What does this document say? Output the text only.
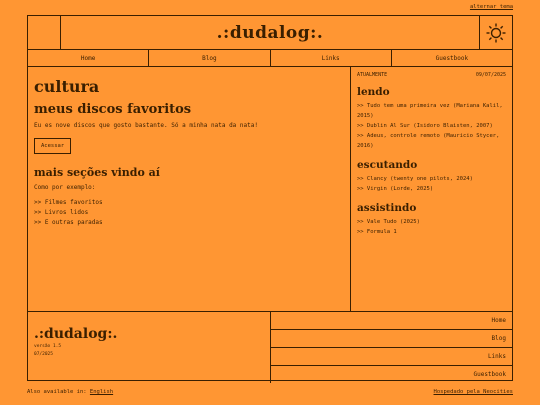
alternar tema
.:dudalog:.
Home	Blog	Links	Guestbook
cultura
meus discos favoritos

Eu es nove discos que gosto bastante. Só a minha nata da nata!

Acessar
mais seções vindo aí

Como por exemplo:

>> Filmes favoritos
>> Livros lidos
>> E outras paradas
ATUALMENTE	09/07/2025
lendo
>> Tudo tem uma primeira vez (Mariana Kalil, 2015)
>> Dublin Al Sur (Isidoro Blaisten, 2007)
>> Adeus, controle remoto (Mauricio Stycer, 2016)
escutando
>> Clancy (twenty one pilots, 2024)
>> Virgin (Lorde, 2025)
assistindo
>> Vale Tudo (2025)
>> Formula 1
.:dudalog:.
versão 1.5
07/2025
Home
Blog
Links
Guestbook
Also available in: English	Hospedado pela Neocities
